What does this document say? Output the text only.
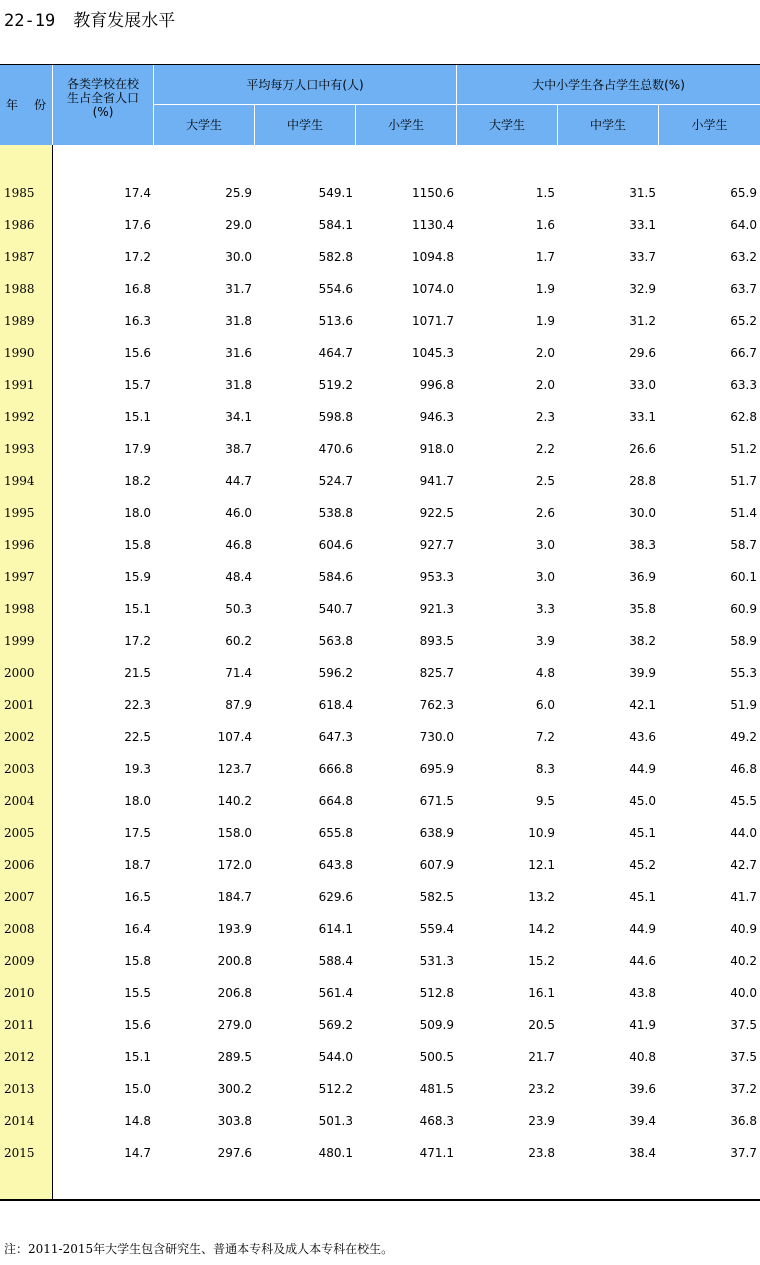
22-19 教育发展水平
年 份
各类学校在校
生占全省人口
(%)
平均每万人口中有(人)	大中小学生各占学生总数(%)
大学生	中学生	小学生	大学生	中学生	小学生
1985	17.4	25.9	549.1	1150.6	1.5	31.5	65.9
1986	17.6	29.0	584.1	1130.4	1.6	33.1	64.0
1987	17.2	30.0	582.8	1094.8	1.7	33.7	63.2
1988	16.8	31.7	554.6	1074.0	1.9	32.9	63.7
1989	16.3	31.8	513.6	1071.7	1.9	31.2	65.2
1990	15.6	31.6	464.7	1045.3	2.0	29.6	66.7
1991	15.7	31.8	519.2	996.8	2.0	33.0	63.3
1992	15.1	34.1	598.8	946.3	2.3	33.1	62.8
1993	17.9	38.7	470.6	918.0	2.2	26.6	51.2
1994	18.2	44.7	524.7	941.7	2.5	28.8	51.7
1995	18.0	46.0	538.8	922.5	2.6	30.0	51.4
1996	15.8	46.8	604.6	927.7	3.0	38.3	58.7
1997	15.9	48.4	584.6	953.3	3.0	36.9	60.1
1998	15.1	50.3	540.7	921.3	3.3	35.8	60.9
1999	17.2	60.2	563.8	893.5	3.9	38.2	58.9
2000	21.5	71.4	596.2	825.7	4.8	39.9	55.3
2001	22.3	87.9	618.4	762.3	6.0	42.1	51.9
2002	22.5	107.4	647.3	730.0	7.2	43.6	49.2
2003	19.3	123.7	666.8	695.9	8.3	44.9	46.8
2004	18.0	140.2	664.8	671.5	9.5	45.0	45.5
2005	17.5	158.0	655.8	638.9	10.9	45.1	44.0
2006	18.7	172.0	643.8	607.9	12.1	45.2	42.7
2007	16.5	184.7	629.6	582.5	13.2	45.1	41.7
2008	16.4	193.9	614.1	559.4	14.2	44.9	40.9
2009	15.8	200.8	588.4	531.3	15.2	44.6	40.2
2010	15.5	206.8	561.4	512.8	16.1	43.8	40.0
2011	15.6	279.0	569.2	509.9	20.5	41.9	37.5
2012	15.1	289.5	544.0	500.5	21.7	40.8	37.5
2013	15.0	300.2	512.2	481.5	23.2	39.6	37.2
2014	14.8	303.8	501.3	468.3	23.9	39.4	36.8
2015	14.7	297.6	480.1	471.1	23.8	38.4	37.7
注：2011-2015年大学生包含研究生、普通本专科及成人本专科在校生。
